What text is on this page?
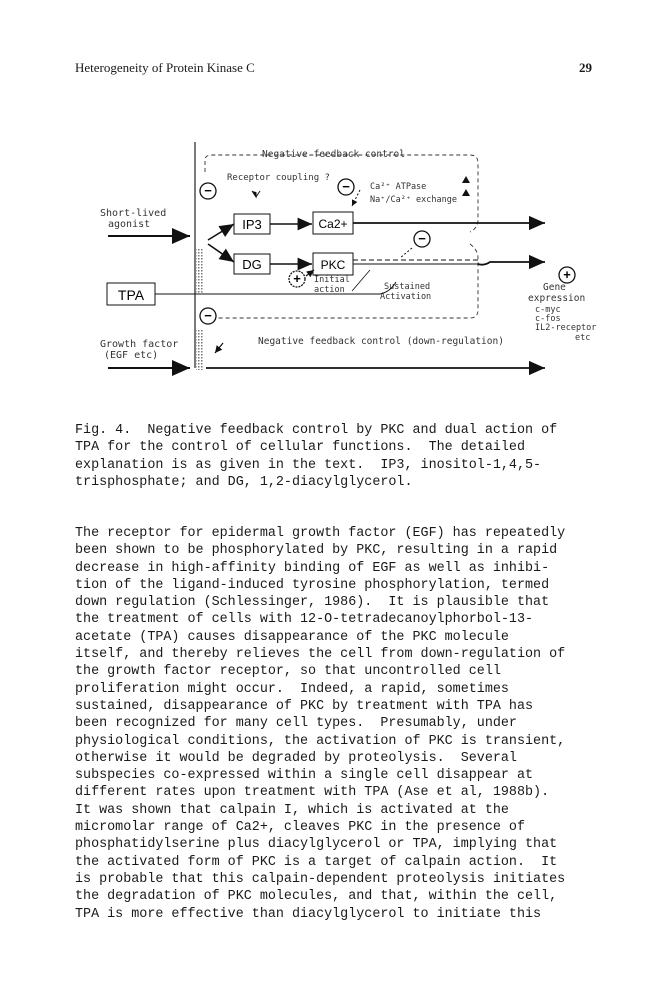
Heterogeneity of Protein Kinase C	29
Negative feedback control
Negative feedback control (down-regulation)
−
Receptor coupling ?
− Ca²⁺ ATPase
Na⁺/Ca²⁺ exchange
Short-lived
agonist	IP3	Ca2+
DG	PKC
−
+ Initial
action	Sustained
Activation
TPA
−
+
Gene
expression
c-myc
c-fos
IL2-receptor
etc
Growth factor
(EGF etc)
Fig. 4.  Negative feedback control by PKC and dual action of
TPA for the control of cellular functions.  The detailed
explanation is as given in the text.  IP3, inositol-1,4,5-
trisphosphate; and DG, 1,2-diacylglycerol.
The receptor for epidermal growth factor (EGF) has repeatedly
been shown to be phosphorylated by PKC, resulting in a rapid
decrease in high-affinity binding of EGF as well as inhibi-
tion of the ligand-induced tyrosine phosphorylation, termed
down regulation (Schlessinger, 1986).  It is plausible that
the treatment of cells with 12-O-tetradecanoylphorbol-13-
acetate (TPA) causes disappearance of the PKC molecule
itself, and thereby relieves the cell from down-regulation of
the growth factor receptor, so that uncontrolled cell
proliferation might occur.  Indeed, a rapid, sometimes
sustained, disappearance of PKC by treatment with TPA has
been recognized for many cell types.  Presumably, under
physiological conditions, the activation of PKC is transient,
otherwise it would be degraded by proteolysis.  Several
subspecies co-expressed within a single cell disappear at
different rates upon treatment with TPA (Ase et al, 1988b).
It was shown that calpain I, which is activated at the
micromolar range of Ca2+, cleaves PKC in the presence of
phosphatidylserine plus diacylglycerol or TPA, implying that
the activated form of PKC is a target of calpain action.  It
is probable that this calpain-dependent proteolysis initiates
the degradation of PKC molecules, and that, within the cell,
TPA is more effective than diacylglycerol to initiate this
